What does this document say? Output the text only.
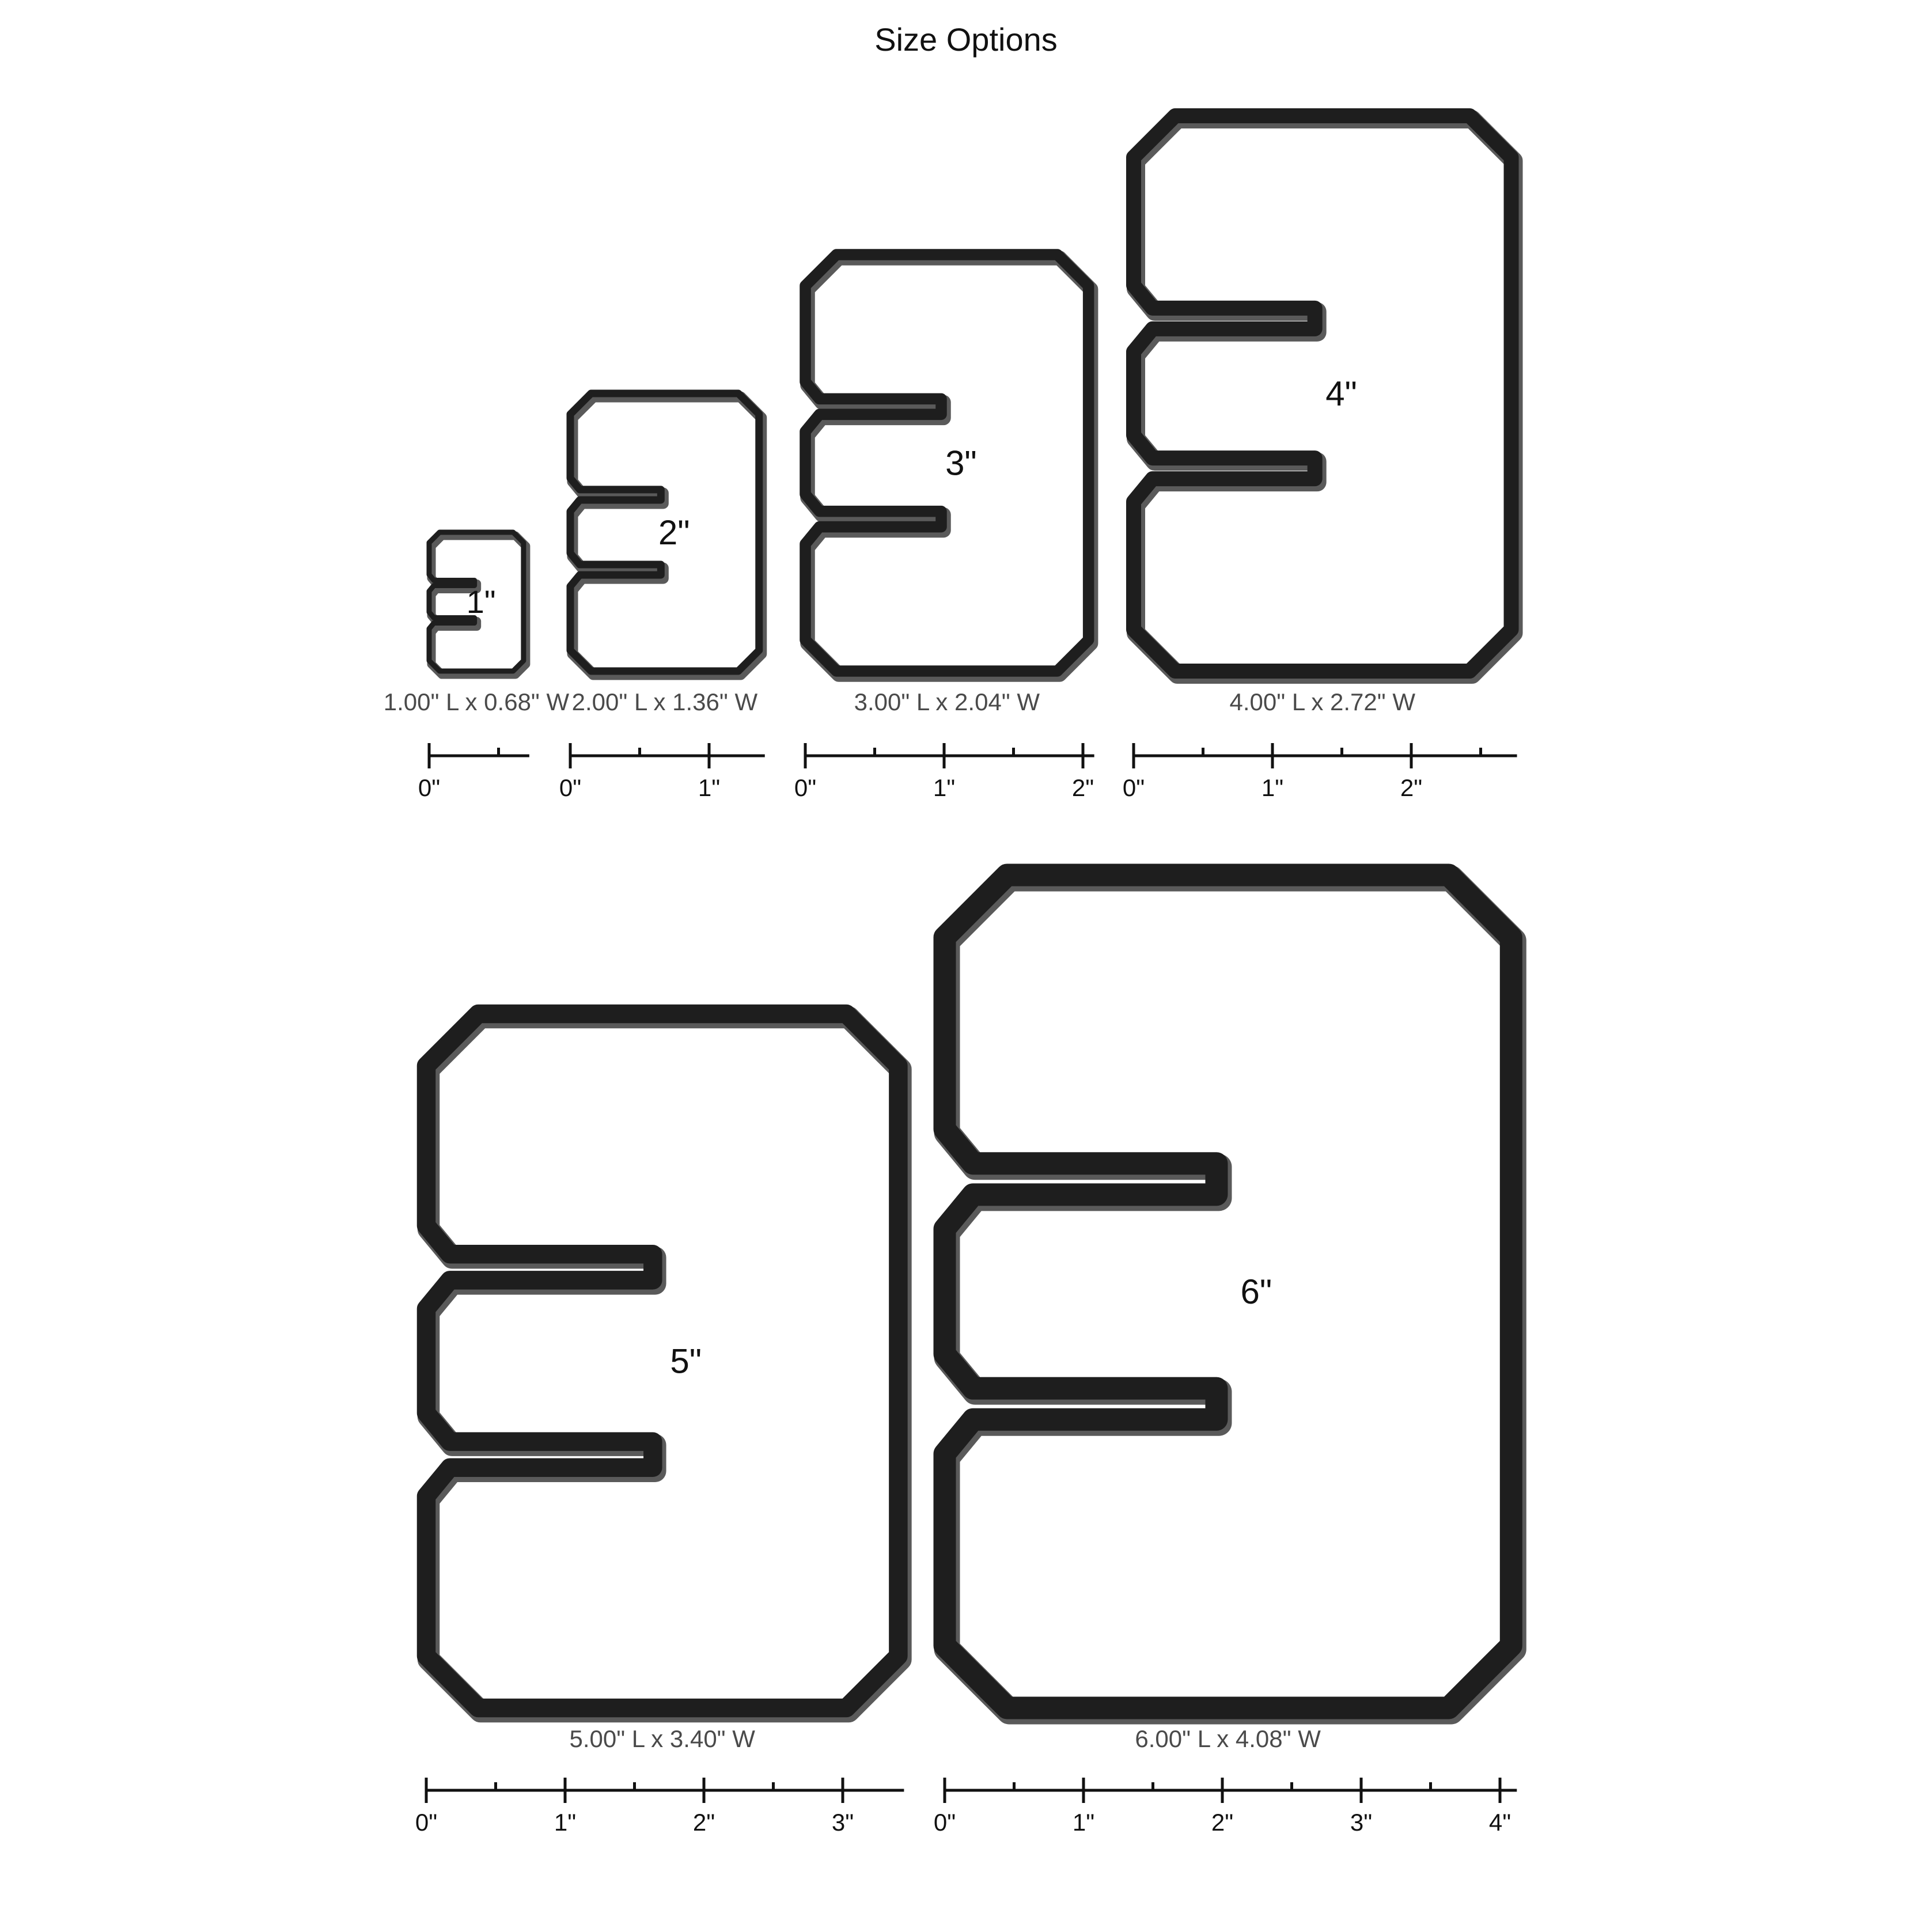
Size Options
1"
1.00" L x 0.68" W
0"
2"
2.00" L x 1.36" W
0"	1"
3"
3.00" L x 2.04" W
0"	1"	2"
4"
4.00" L x 2.72" W
0"	1"	2"
5"
5.00" L x 3.40" W
0"	1"	2"	3"
6"
6.00" L x 4.08" W
0"	1"	2"	3"	4"
